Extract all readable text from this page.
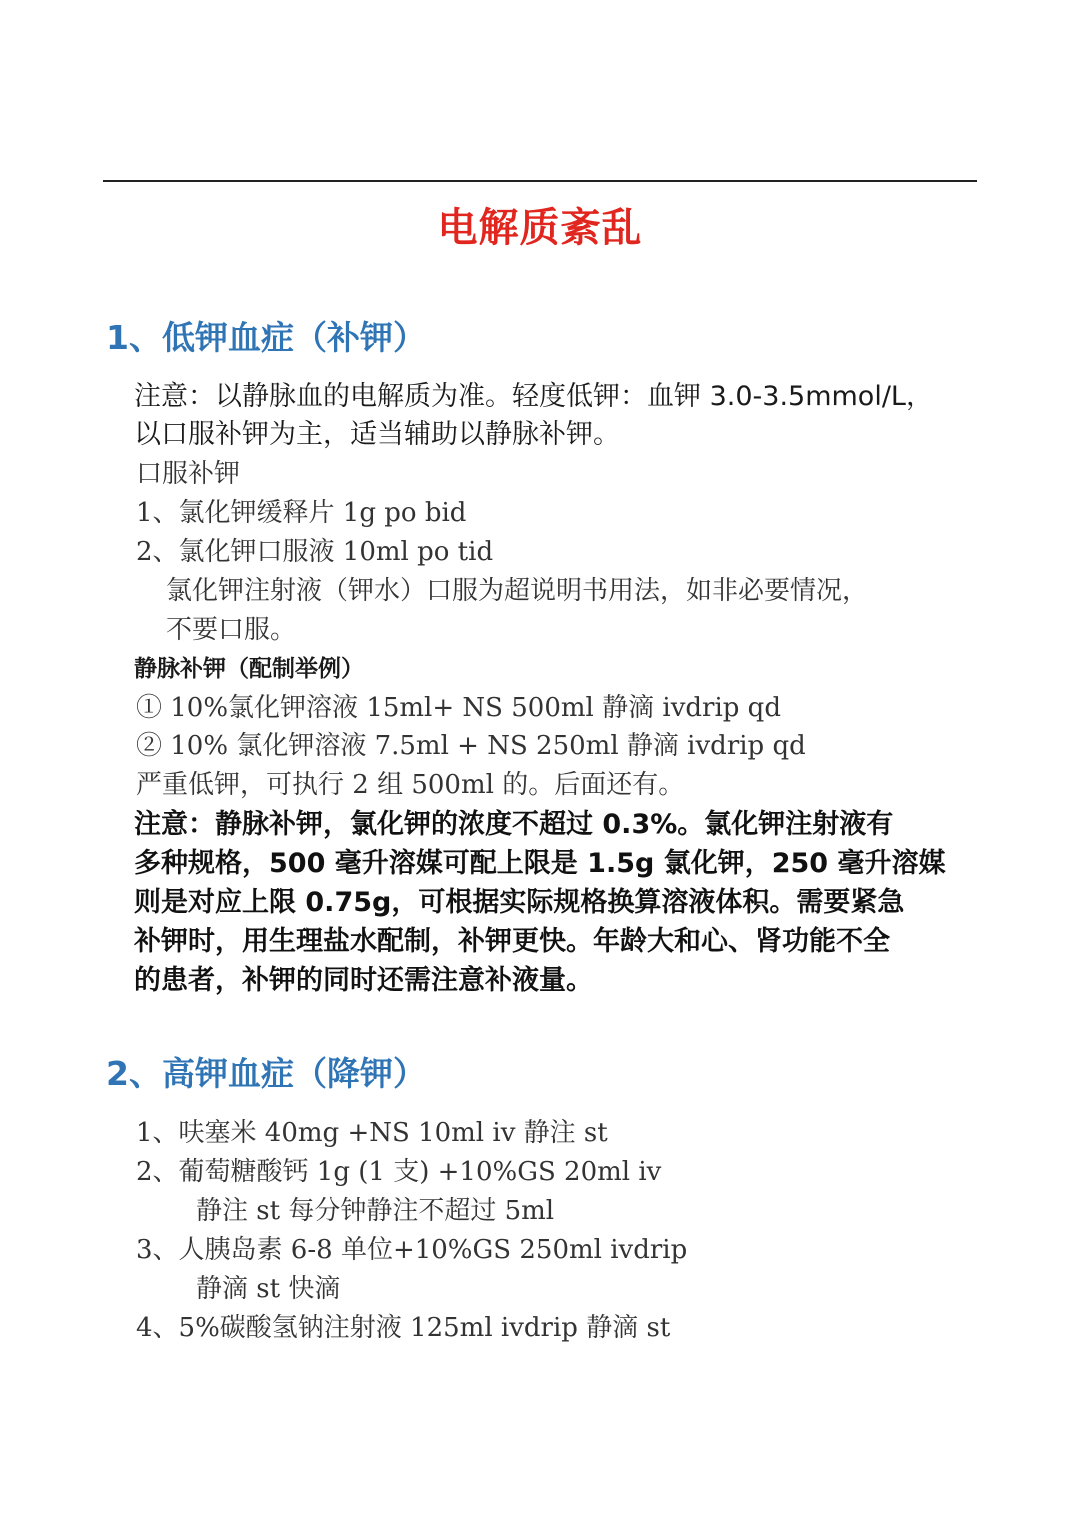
电解质紊乱
1、低钾血症（补钾）
注意：以静脉血的电解质为准。轻度低钾：血钾 3.0-3.5mmol/L，
以口服补钾为主，适当辅助以静脉补钾。
口服补钾
1、氯化钾缓释片 1g po bid
2、氯化钾口服液 10ml po tid
氯化钾注射液（钾水）口服为超说明书用法，如非必要情况，
不要口服。
静脉补钾（配制举例）
① 10%氯化钾溶液 15ml+ NS 500ml 静滴 ivdrip qd
② 10% 氯化钾溶液 7.5ml + NS 250ml 静滴 ivdrip qd
严重低钾，可执行 2 组 500ml 的。后面还有。
注意：静脉补钾，氯化钾的浓度不超过 0.3%。氯化钾注射液有
多种规格，500 毫升溶媒可配上限是 1.5g 氯化钾，250 毫升溶媒
则是对应上限 0.75g，可根据实际规格换算溶液体积。需要紧急
补钾时，用生理盐水配制，补钾更快。年龄大和心、肾功能不全
的患者，补钾的同时还需注意补液量。
2、高钾血症（降钾）
1、呋塞米 40mg +NS 10ml iv 静注 st
2、葡萄糖酸钙 1g (1 支) +10%GS 20ml iv
静注 st 每分钟静注不超过 5ml
3、人胰岛素 6-8 单位+10%GS 250ml ivdrip
静滴 st 快滴
4、5%碳酸氢钠注射液 125ml ivdrip 静滴 st
